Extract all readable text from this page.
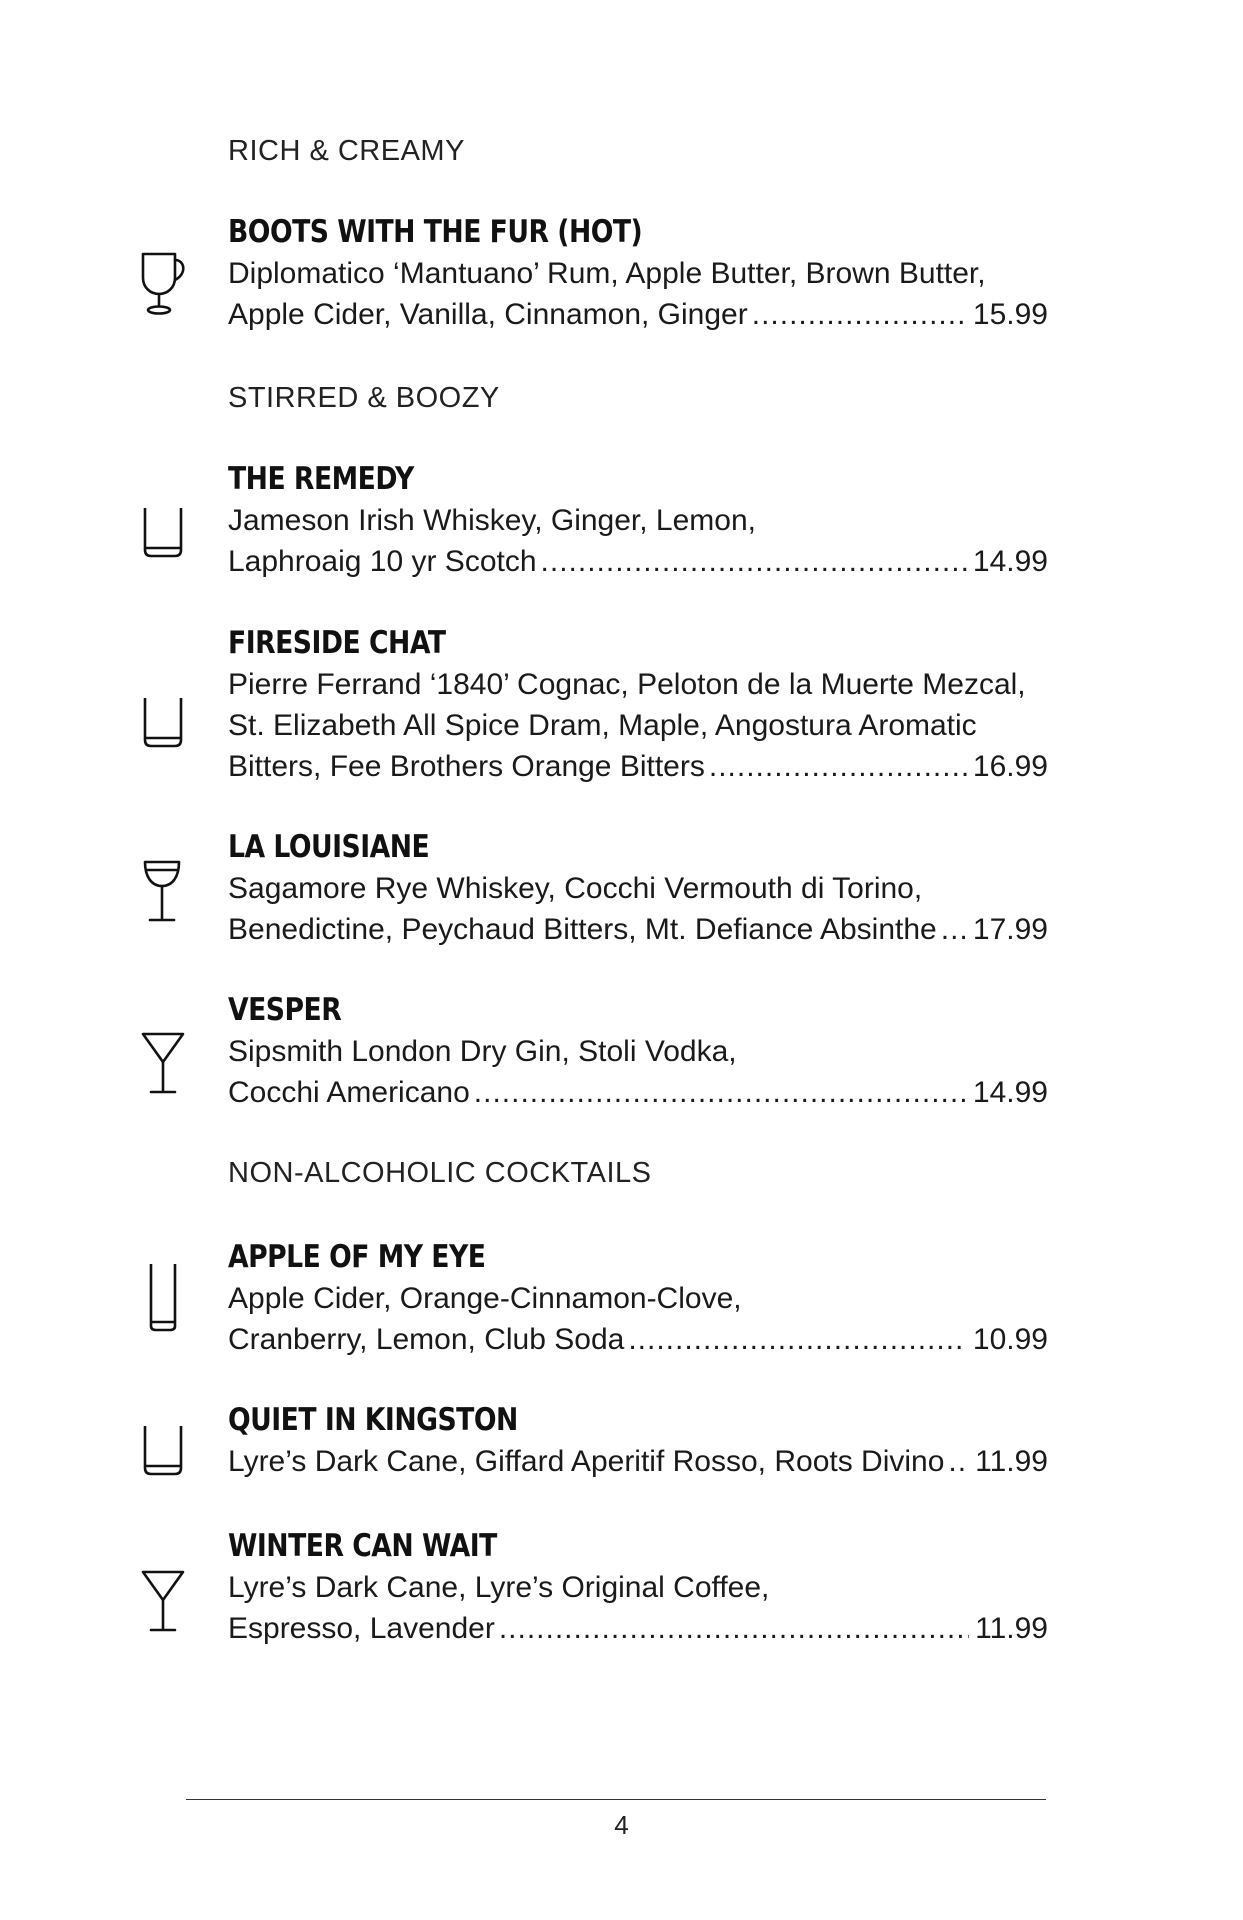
RICH & CREAMY
STIRRED & BOOZY
NON-ALCOHOLIC COCKTAILS
BOOTS WITH THE FUR (HOT)
Diplomatico ‘Mantuano’ Rum, Apple Butter, Brown Butter,
Apple Cider, Vanilla, Cinnamon, Ginger .....	15.99
THE REMEDY
Jameson Irish Whiskey, Ginger, Lemon,
Laphroaig 10 yr Scotch .....	14.99
FIRESIDE CHAT
Pierre Ferrand ‘1840’ Cognac, Peloton de la Muerte Mezcal,
St. Elizabeth All Spice Dram, Maple, Angostura Aromatic
Bitters, Fee Brothers Orange Bitters .....	16.99
LA LOUISIANE
Sagamore Rye Whiskey, Cocchi Vermouth di Torino,
Benedictine, Peychaud Bitters, Mt. Defiance Absinthe ..... 17.99
VESPER
Sipsmith London Dry Gin, Stoli Vodka,
Cocchi Americano .....	14.99
APPLE OF MY EYE
Apple Cider, Orange-Cinnamon-Clove,
Cranberry, Lemon, Club Soda .....	10.99
QUIET IN KINGSTON
Lyre’s Dark Cane, Giffard Aperitif Rosso, Roots Divino ..... 11.99
WINTER CAN WAIT
Lyre’s Dark Cane, Lyre’s Original Coffee,
Espresso, Lavender .....	11.99
4
